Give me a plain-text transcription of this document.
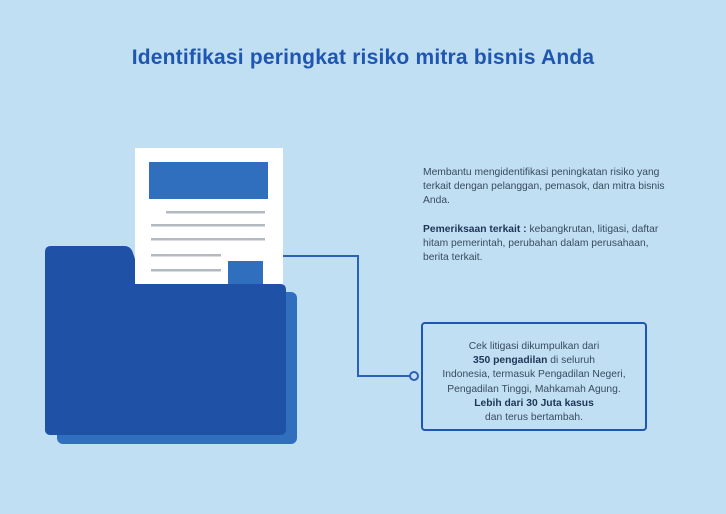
Identifikasi peringkat risiko mitra bisnis Anda

Membantu mengidentifikasi peningkatan risiko yang terkait dengan pelanggan, pemasok, dan mitra bisnis Anda.

Pemeriksaan terkait : kebangkrutan, litigasi, daftar hitam pemerintah, perubahan dalam perusahaan, berita terkait.

Cek litigasi dikumpulkan dari
350 pengadilan di seluruh
Indonesia, termasuk Pengadilan Negeri,
Pengadilan Tinggi, Mahkamah Agung.
Lebih dari 30 Juta kasus
dan terus bertambah.
